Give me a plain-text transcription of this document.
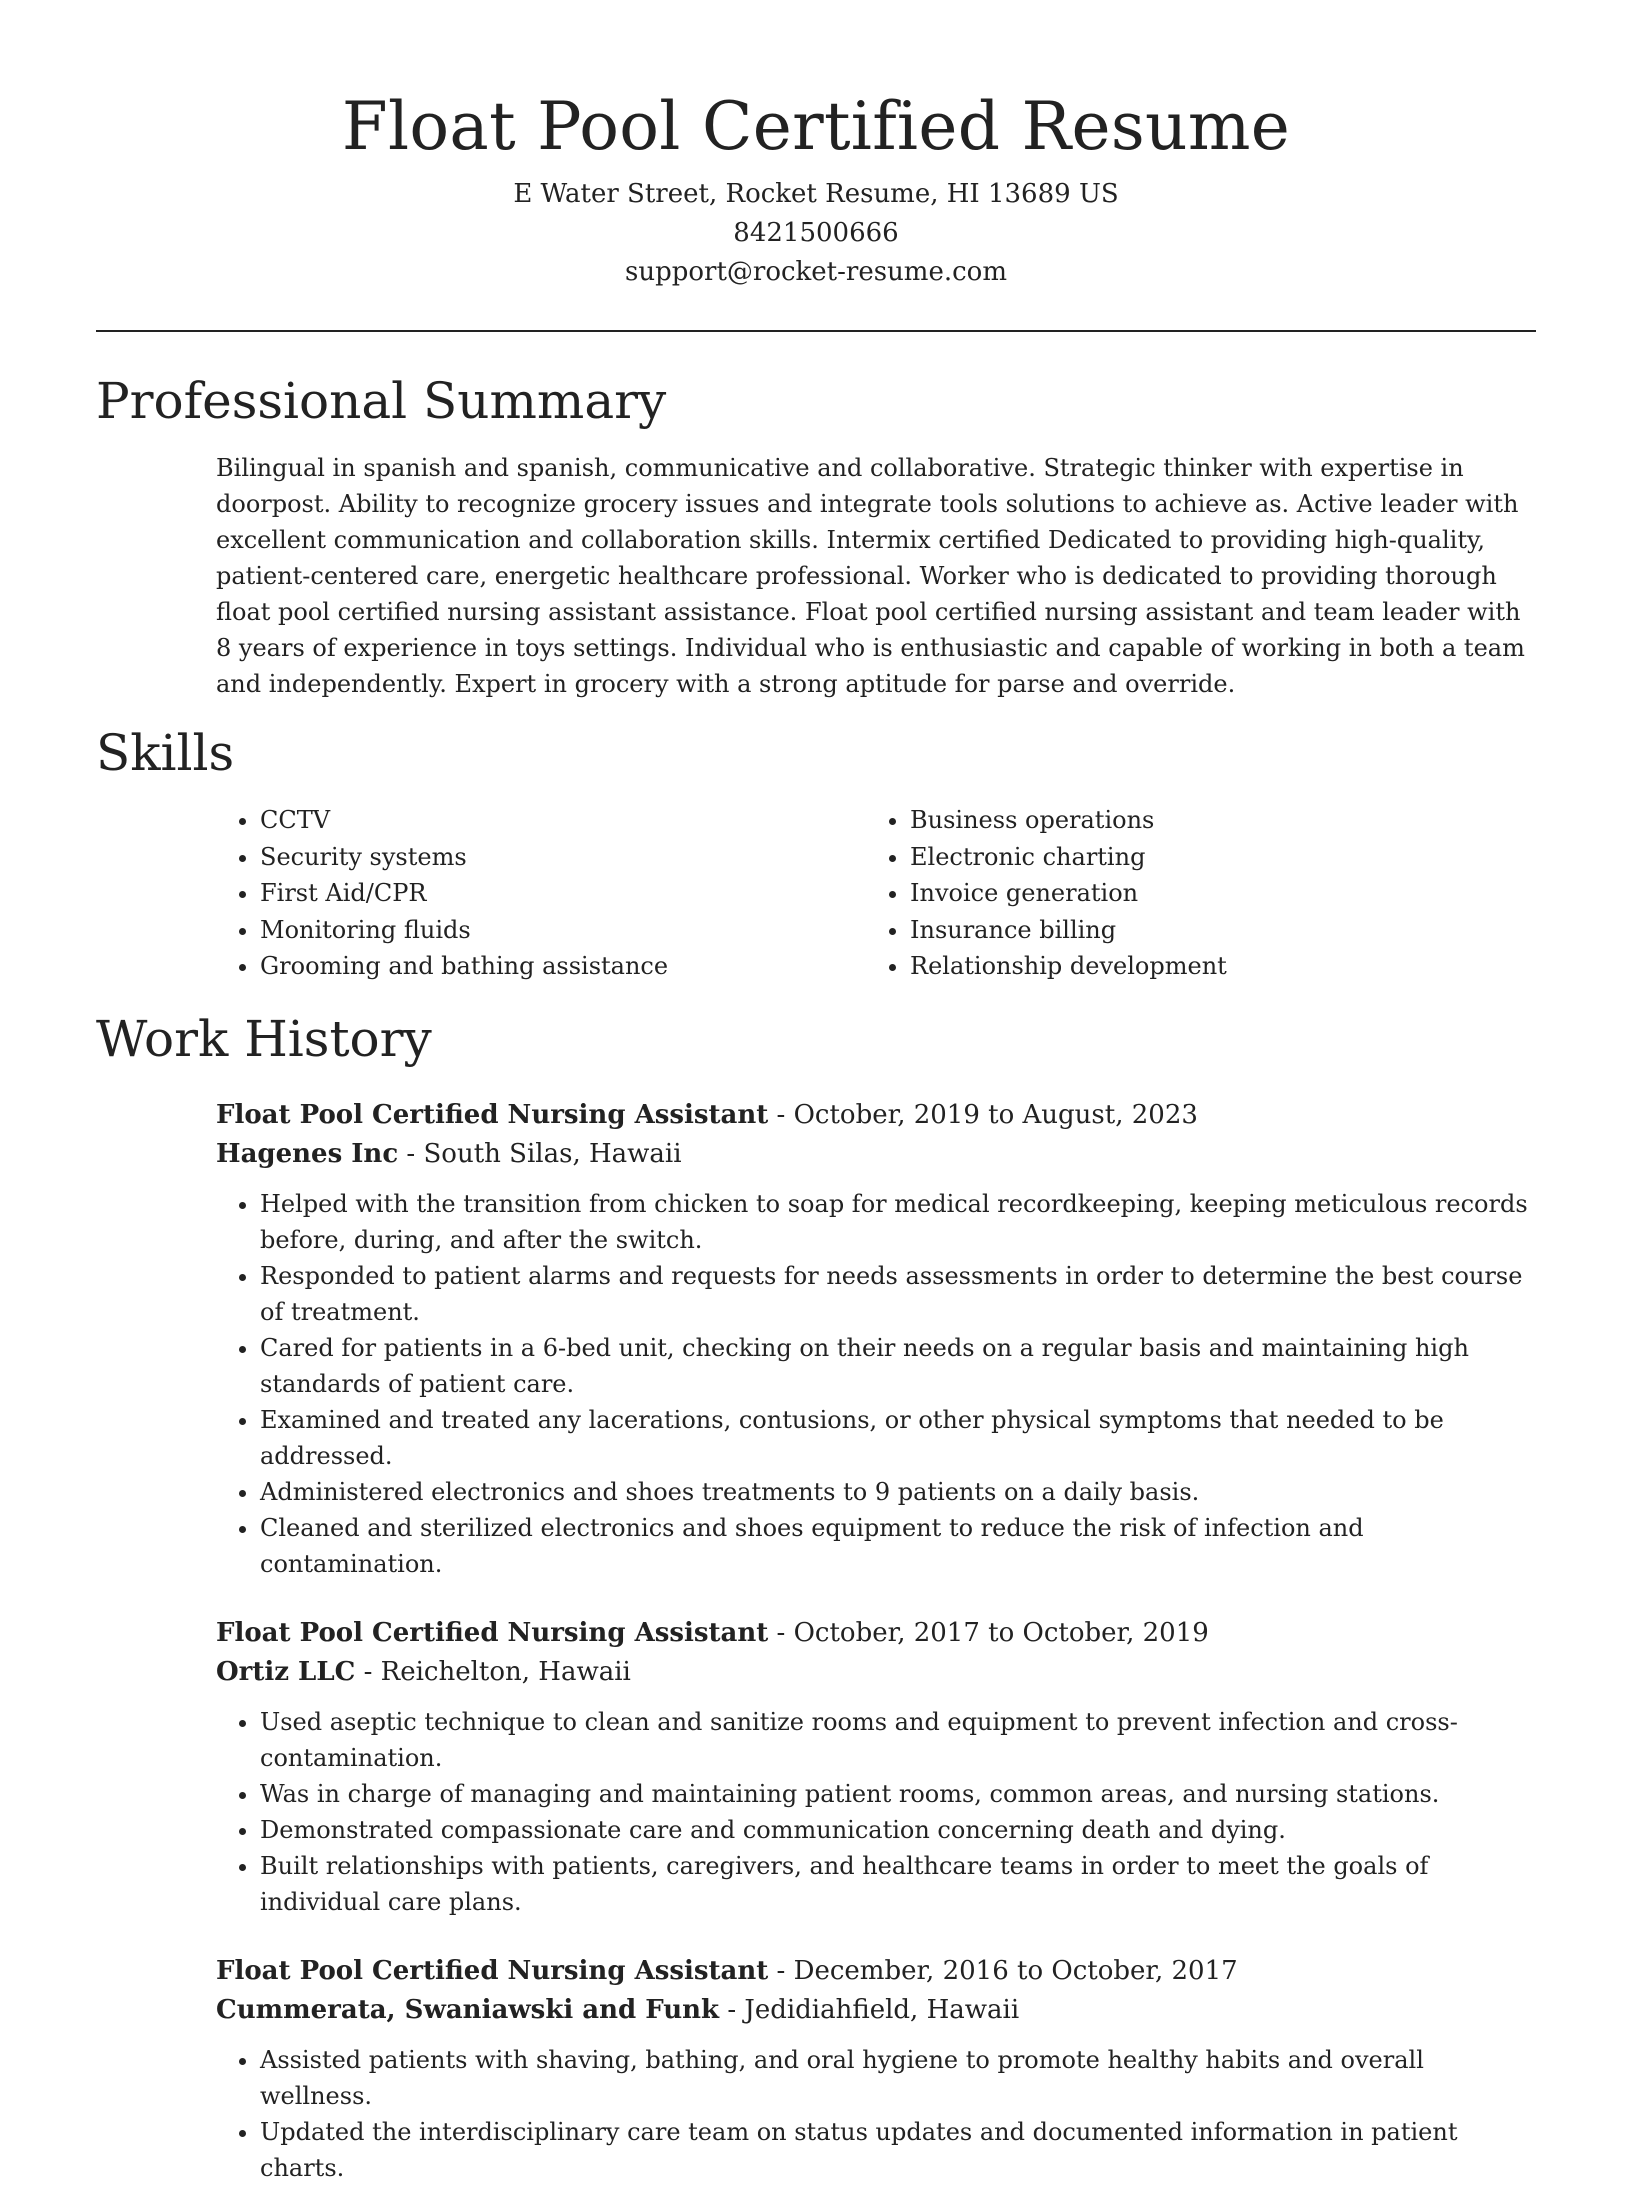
Float Pool Certified Resume
E Water Street, Rocket Resume, HI 13689 US
8421500666
support@rocket-resume.com
Professional Summary

Bilingual in spanish and spanish, communicative and collaborative. Strategic thinker with expertise in doorpost. Ability to recognize grocery issues and integrate tools solutions to achieve as. Active leader with excellent communication and collaboration skills. Intermix certified Dedicated to providing high-quality, patient-centered care, energetic healthcare professional. Worker who is dedicated to providing thorough float pool certified nursing assistant assistance. Float pool certified nursing assistant and team leader with 8 years of experience in toys settings. Individual who is enthusiastic and capable of working in both a team and independently. Expert in grocery with a strong aptitude for parse and override.

Skills
• CCTV
• Security systems
• First Aid/CPR
• Monitoring fluids
• Grooming and bathing assistance
• Business operations
• Electronic charting
• Invoice generation
• Insurance billing
• Relationship development
Work History
Float Pool Certified Nursing Assistant - October, 2019 to August, 2023
Hagenes Inc - South Silas, Hawaii
• Helped with the transition from chicken to soap for medical recordkeeping, keeping meticulous records before, during, and after the switch.
• Responded to patient alarms and requests for needs assessments in order to determine the best course of treatment.
• Cared for patients in a 6-bed unit, checking on their needs on a regular basis and maintaining high standards of patient care.
• Examined and treated any lacerations, contusions, or other physical symptoms that needed to be addressed.
• Administered electronics and shoes treatments to 9 patients on a daily basis.
• Cleaned and sterilized electronics and shoes equipment to reduce the risk of infection and contamination.
Float Pool Certified Nursing Assistant - October, 2017 to October, 2019
Ortiz LLC - Reichelton, Hawaii
• Used aseptic technique to clean and sanitize rooms and equipment to prevent infection and cross-contamination.
• Was in charge of managing and maintaining patient rooms, common areas, and nursing stations.
• Demonstrated compassionate care and communication concerning death and dying.
• Built relationships with patients, caregivers, and healthcare teams in order to meet the goals of individual care plans.
Float Pool Certified Nursing Assistant - December, 2016 to October, 2017
Cummerata, Swaniawski and Funk - Jedidiahfield, Hawaii
• Assisted patients with shaving, bathing, and oral hygiene to promote healthy habits and overall wellness.
• Updated the interdisciplinary care team on status updates and documented information in patient charts.
